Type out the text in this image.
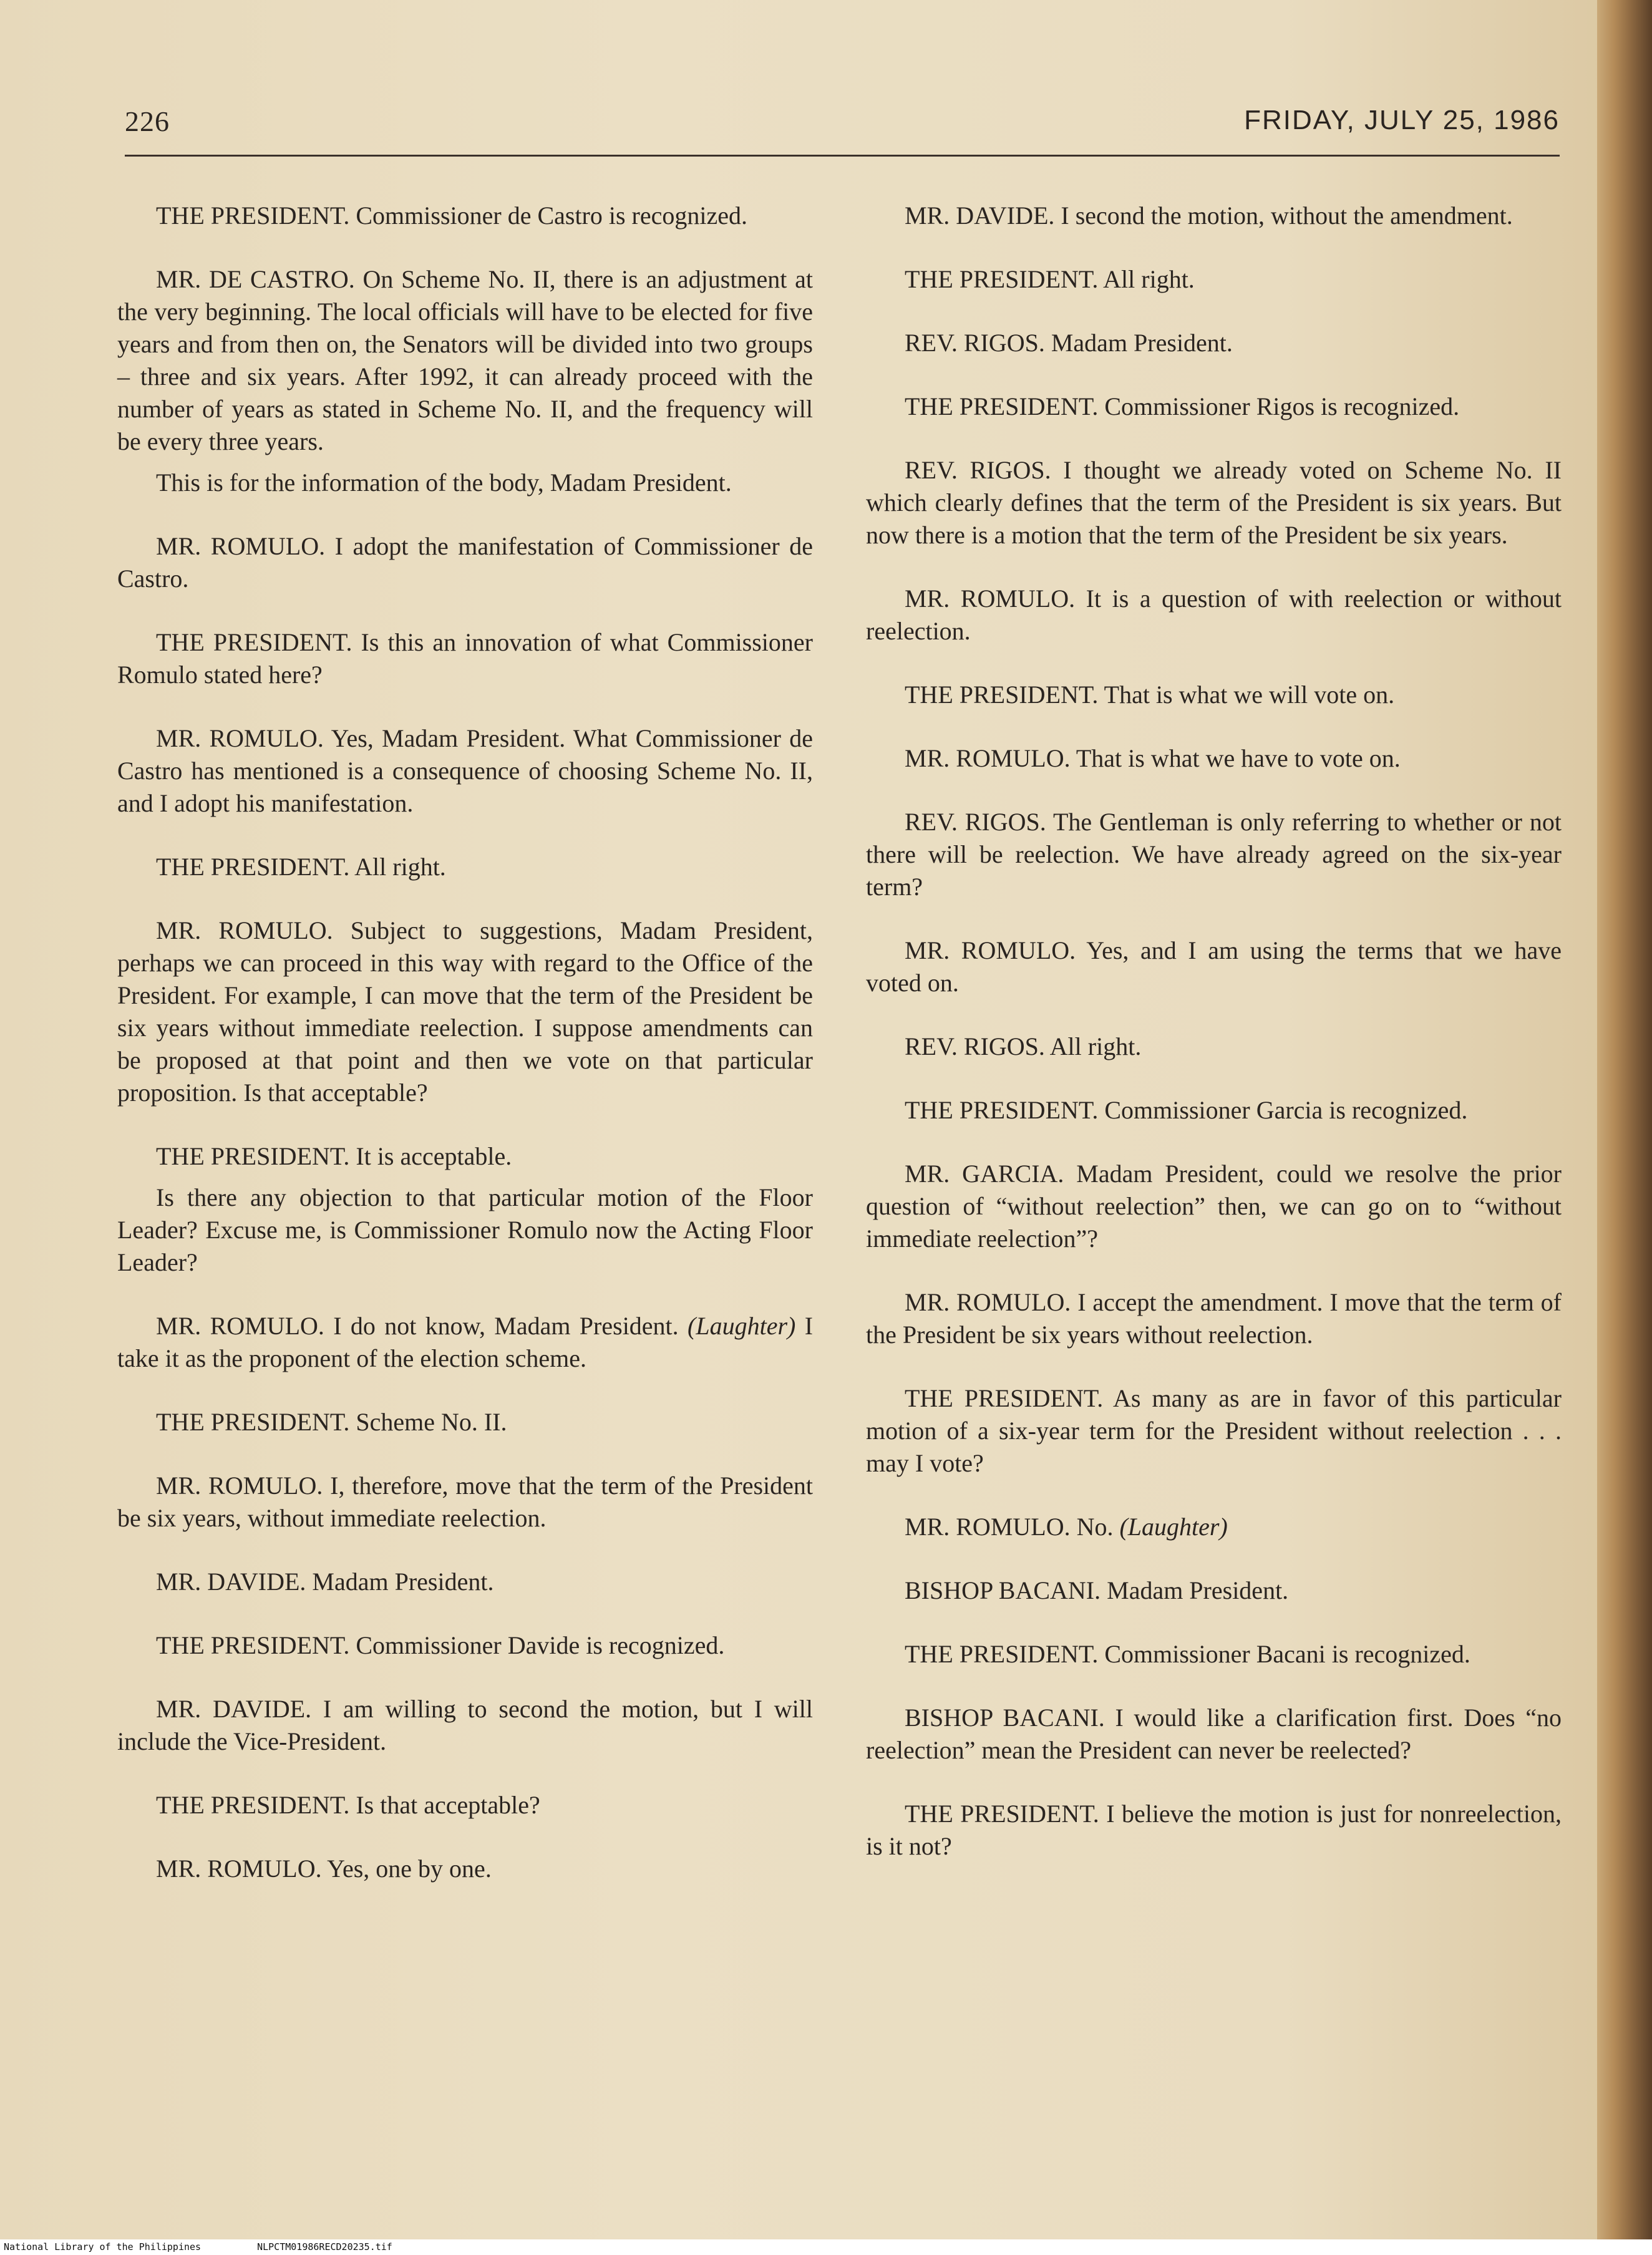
226	FRIDAY, JULY 25, 1986

THE PRESIDENT. Commissioner de Castro is recognized.

MR. DE CASTRO. On Scheme No. II, there is an adjustment at the very beginning. The local officials will have to be elected for five years and from then on, the Senators will be divided into two groups – three and six years. After 1992, it can already proceed with the number of years as stated in Scheme No. II, and the frequency will be every three years.

This is for the information of the body, Madam President.

MR. ROMULO. I adopt the manifestation of Commissioner de Castro.

THE PRESIDENT. Is this an innovation of what Commissioner Romulo stated here?

MR. ROMULO. Yes, Madam President. What Commissioner de Castro has mentioned is a consequence of choosing Scheme No. II, and I adopt his manifestation.

THE PRESIDENT. All right.

MR. ROMULO. Subject to suggestions, Madam President, perhaps we can proceed in this way with regard to the Office of the President. For example, I can move that the term of the President be six years without immediate reelection. I suppose amendments can be proposed at that point and then we vote on that particular proposition. Is that acceptable?

THE PRESIDENT. It is acceptable.

Is there any objection to that particular motion of the Floor Leader? Excuse me, is Commissioner Romulo now the Acting Floor Leader?

MR. ROMULO. I do not know, Madam President. (Laughter) I take it as the proponent of the election scheme.

THE PRESIDENT. Scheme No. II.

MR. ROMULO. I, therefore, move that the term of the President be six years, without immediate reelection.

MR. DAVIDE. Madam President.

THE PRESIDENT. Commissioner Davide is recognized.

MR. DAVIDE. I am willing to second the motion, but I will include the Vice-President.

THE PRESIDENT. Is that acceptable?

MR. ROMULO. Yes, one by one.

MR. DAVIDE. I second the motion, without the amendment.

THE PRESIDENT. All right.

REV. RIGOS. Madam President.

THE PRESIDENT. Commissioner Rigos is recognized.

REV. RIGOS. I thought we already voted on Scheme No. II which clearly defines that the term of the President is six years. But now there is a motion that the term of the President be six years.

MR. ROMULO. It is a question of with reelection or without reelection.

THE PRESIDENT. That is what we will vote on.

MR. ROMULO. That is what we have to vote on.

REV. RIGOS. The Gentleman is only referring to whether or not there will be reelection. We have already agreed on the six-year term?

MR. ROMULO. Yes, and I am using the terms that we have voted on.

REV. RIGOS. All right.

THE PRESIDENT. Commissioner Garcia is recognized.

MR. GARCIA. Madam President, could we resolve the prior question of “without reelection” then, we can go on to “without immediate reelection”?

MR. ROMULO. I accept the amendment. I move that the term of the President be six years without reelection.

THE PRESIDENT. As many as are in favor of this particular motion of a six-year term for the President without reelection . . . may I vote?

MR. ROMULO. No. (Laughter)

BISHOP BACANI. Madam President.

THE PRESIDENT. Commissioner Bacani is recognized.

BISHOP BACANI. I would like a clarification first. Does “no reelection” mean the President can never be reelected?

THE PRESIDENT. I believe the motion is just for nonreelection, is it not?

National Library of the Philippines	NLPCTM01986RECD20235.tif
